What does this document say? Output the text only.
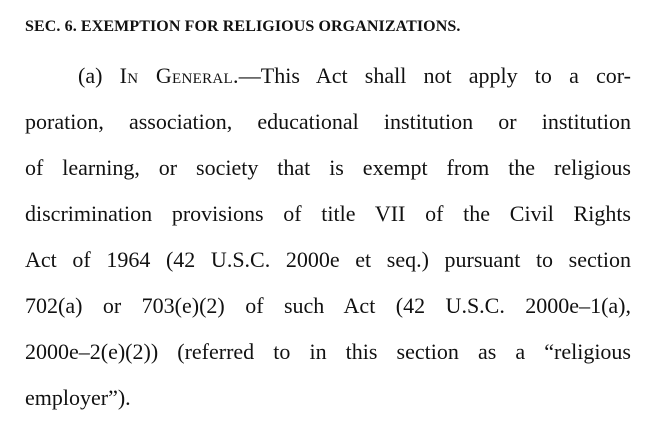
SEC. 6. EXEMPTION FOR RELIGIOUS ORGANIZATIONS.
(a) In General.—This Act shall not apply to a cor-
poration, association, educational institution or institution
of learning, or society that is exempt from the religious
discrimination provisions of title VII of the Civil Rights
Act of 1964 (42 U.S.C. 2000e et seq.) pursuant to section
702(a) or 703(e)(2) of such Act (42 U.S.C. 2000e–1(a),
2000e–2(e)(2)) (referred to in this section as a “religious
employer”).
